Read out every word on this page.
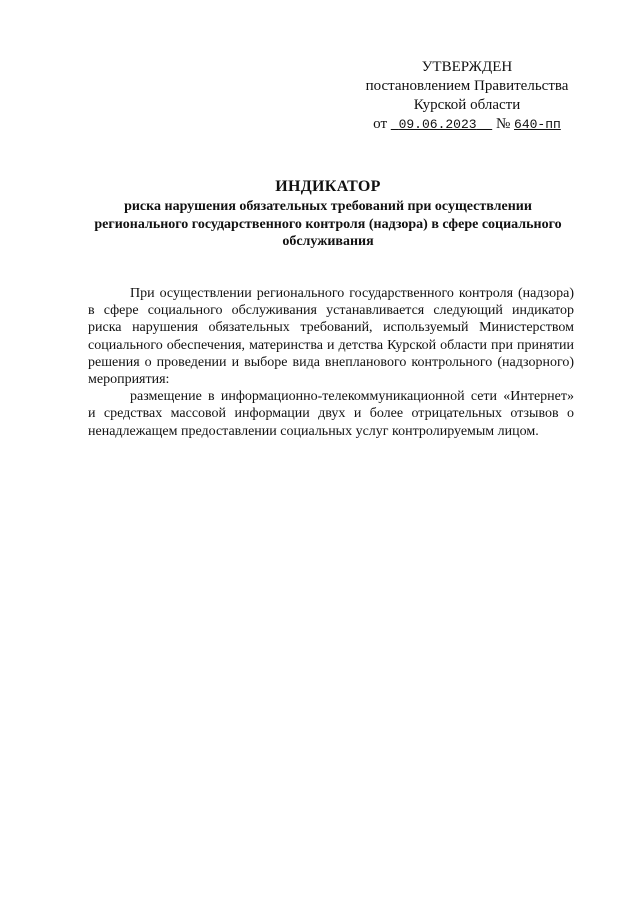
УТВЕРЖДЕН
постановлением Правительства
Курской области
от 09.06.2023 № 640-пп
ИНДИКАТОР
риска нарушения обязательных требований при осуществлении регионального государственного контроля (надзора) в сфере социального обслуживания

При осуществлении регионального государственного контроля (надзора) в сфере социального обслуживания устанавливается следующий индикатор риска нарушения обязательных требований, используемый Министерством социального обеспечения, материнства и детства Курской области при принятии решения о проведении и выборе вида внепланового контрольного (надзорного) мероприятия:

размещение в информационно-телекоммуникационной сети «Интернет» и средствах массовой информации двух и более отрицательных отзывов о ненадлежащем предоставлении социальных услуг контролируемым лицом.
